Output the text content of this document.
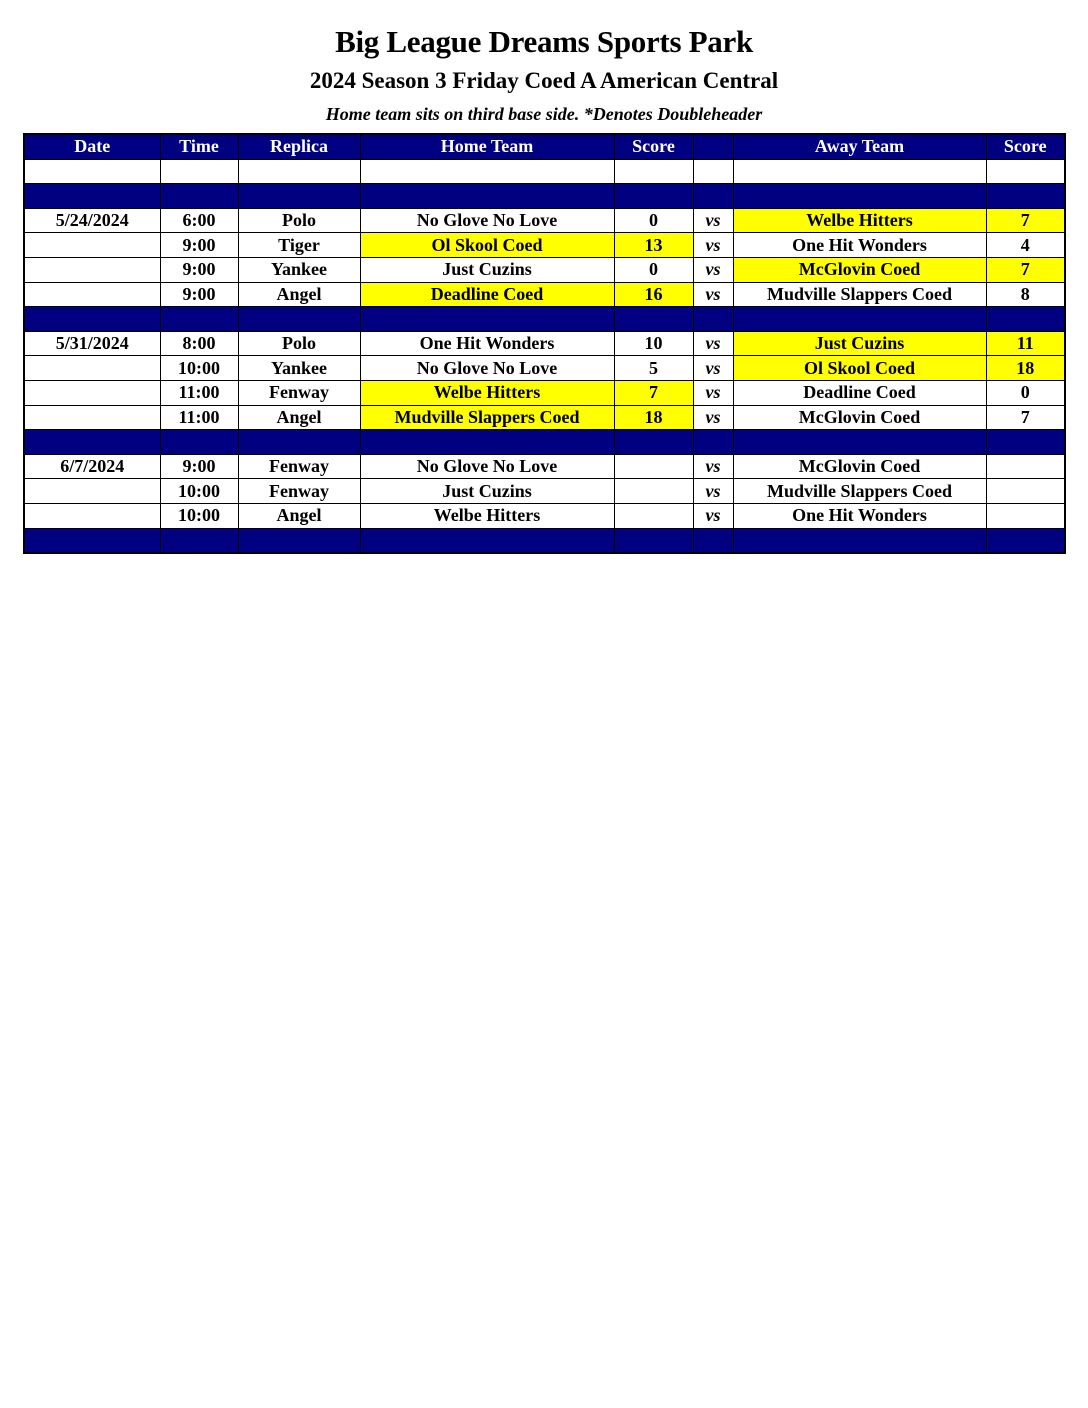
Big League Dreams Sports Park
2024 Season 3 Friday Coed A American Central
Home team sits on third base side. *Denotes Doubleheader
Date	Time	Replica	Home Team	Score		Away Team	Score

5/24/2024	6:00	Polo	No Glove No Love	0	vs	Welbe Hitters	7
	9:00	Tiger	Ol Skool Coed	13	vs	One Hit Wonders	4
	9:00	Yankee	Just Cuzins	0	vs	McGlovin Coed	7
	9:00	Angel	Deadline Coed	16	vs	Mudville Slappers Coed	8

5/31/2024	8:00	Polo	One Hit Wonders	10	vs	Just Cuzins	11
	10:00	Yankee	No Glove No Love	5	vs	Ol Skool Coed	18
	11:00	Fenway	Welbe Hitters	7	vs	Deadline Coed	0
	11:00	Angel	Mudville Slappers Coed	18	vs	McGlovin Coed	7

6/7/2024	9:00	Fenway	No Glove No Love		vs	McGlovin Coed	
	10:00	Fenway	Just Cuzins		vs	Mudville Slappers Coed	
	10:00	Angel	Welbe Hitters		vs	One Hit Wonders	
